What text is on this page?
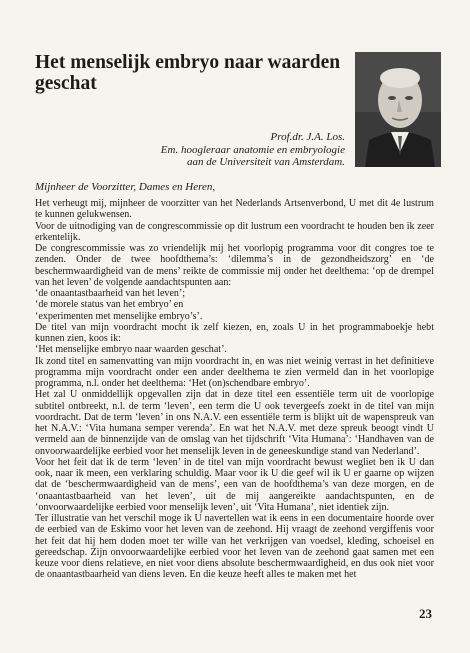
Het menselijk embryo naar waarden geschat
Prof.dr. J.A. Los.
Em. hoogleraar anatomie en embryologie
aan de Universiteit van Amsterdam.
Mijnheer de Voorzitter, Dames en Heren,

Het verheugt mij, mijnheer de voorzitter van het Nederlands Artsenverbond, U met dit 4e lustrum te kunnen gelukwensen.

Voor de uitnodiging van de congrescommissie op dit lustrum een voordracht te houden ben ik zeer erkentelijk.

De congrescommissie was zo vriendelijk mij het voorlopig programma voor dit congres toe te zenden. Onder de twee hoofdthema’s: ‘dilemma’s in de gezondheidszorg’ en ‘de beschermwaardigheid van de mens’ reikte de commissie mij onder het deelthema: ‘op de drempel van het leven’ de volgende aandachtspunten aan:

‘de onaantastbaarheid van het leven’;

‘de morele status van het embryo’ en

‘experimenten met menselijke embryo’s’.

De titel van mijn voordracht mocht ik zelf kiezen, en, zoals U in het programmaboekje hebt kunnen zien, koos ik:

‘Het menselijke embryo naar waarden geschat’.

Ik zond titel en samenvatting van mijn voordracht in, en was niet weinig verrast in het definitieve programma mijn voordracht onder een ander deelthema te zien vermeld dan in het voorlopige programma, n.l. onder het deelthema: ‘Het (on)schendbare embryo’.

Het zal U onmiddellijk opgevallen zijn dat in deze titel een essentiële term uit de voorlopige subtitel ontbreekt, n.l. de term ‘leven’, een term die U ook tevergeefs zoekt in de titel van mijn voordracht. Dat de term ‘leven’ in ons N.A.V. een essentiële term is blijkt uit de wapenspreuk van het N.A.V.: ‘Vita humana semper verenda’. En wat het N.A.V. met deze spreuk beoogt vindt U vermeld aan de binnenzijde van de omslag van het tijdschrift ‘Vita Humana’: ‘Handhaven van de onvoorwaardelijke eerbied voor het menselijk leven in de geneeskundige stand van Nederland’.

Voor het feit dat ik de term ‘leven’ in de titel van mijn voordracht bewust wegliet ben ik U dan ook, naar ik meen, een verklaring schuldig. Maar voor ik U die geef wil ik U er gaarne op wijzen dat de ‘beschermwaardigheid van de mens’, een van de hoofdthema’s van deze morgen, en de ‘onaantastbaarheid van het leven’, uit de mij aangereikte aandachtspunten, en de ‘onvoorwaardelijke eerbied voor menselijk leven’, uit ‘Vita Humana’, niet identiek zijn.

Ter illustratie van het verschil moge ik U navertellen wat ik eens in een documentaire hoorde over de eerbied van de Eskimo voor het leven van de zeehond. Hij vraagt de zeehond vergiffenis voor het feit dat hij hem doden moet ter wille van het verkrijgen van voedsel, kleding, schoeisel en gereedschap. Zijn onvoorwaardelijke eerbied voor het leven van de zeehond gaat samen met een keuze voor diens relatieve, en niet voor diens absolute beschermwaardigheid, en dus ook niet voor de onaantastbaarheid van diens leven. En die keuze heeft alles te maken met het

23
